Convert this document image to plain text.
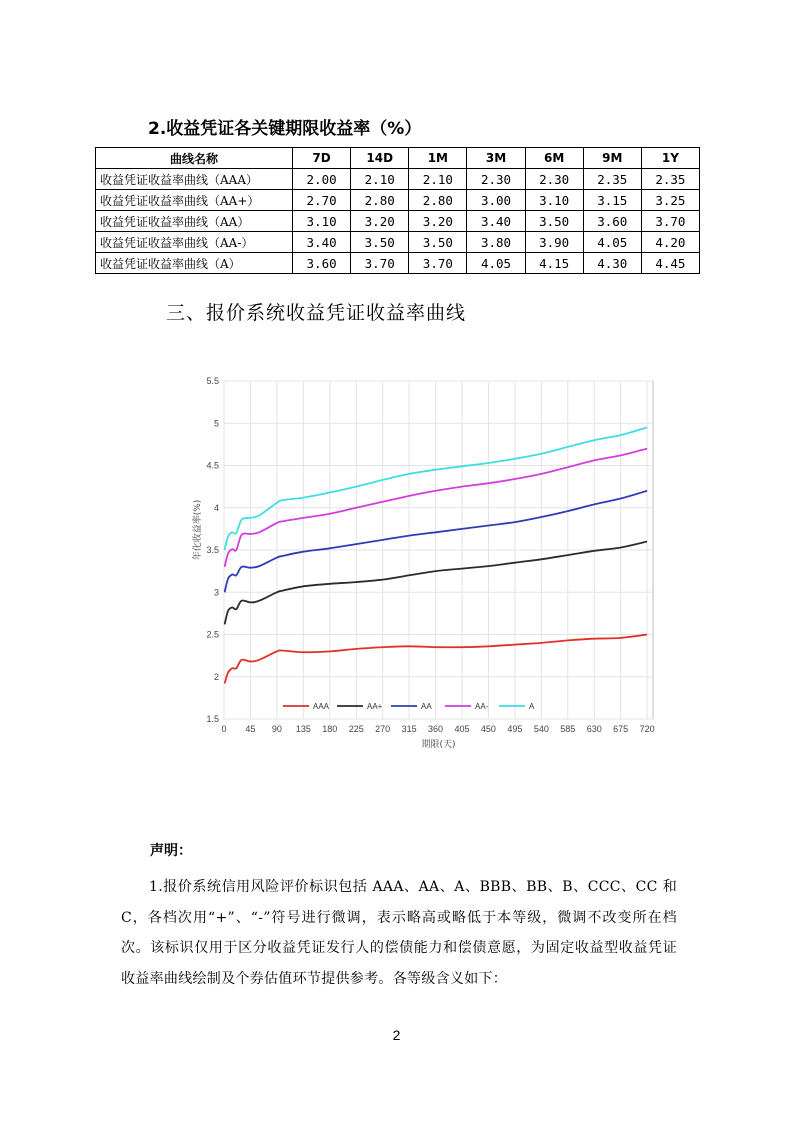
2.收益凭证各关键期限收益率（%）
曲线名称	7D	14D	1M	3M	6M	9M	1Y
收益凭证收益率曲线（AAA）	2.00	2.10	2.10	2.30	2.30	2.35	2.35
收益凭证收益率曲线（AA+）	2.70	2.80	2.80	3.00	3.10	3.15	3.25
收益凭证收益率曲线（AA）	3.10	3.20	3.20	3.40	3.50	3.60	3.70
收益凭证收益率曲线（AA-）	3.40	3.50	3.50	3.80	3.90	4.05	4.20
收益凭证收益率曲线（A）	3.60	3.70	3.70	4.05	4.15	4.30	4.45
三、报价系统收益凭证收益率曲线
1.5
2
2.5
3
3.5
4
4.5
5
5.5
0 45 90 135 180 225 270 315 360 405 450 495 540 585 630 675 720
期限(天)
年化收益率(%)
AAA	AA+	AA	AA-	A
声明：
1.报价系统信用风险评价标识包括 AAA、AA、A、BBB、BB、B、CCC、CC 和 C，各档次用“+”、“-”符号进行微调，表示略高或略低于本等级，微调不改变所在档次。该标识仅用于区分收益凭证发行人的偿债能力和偿债意愿，为固定收益型收益凭证收益率曲线绘制及个券估值环节提供参考。各等级含义如下：
2
